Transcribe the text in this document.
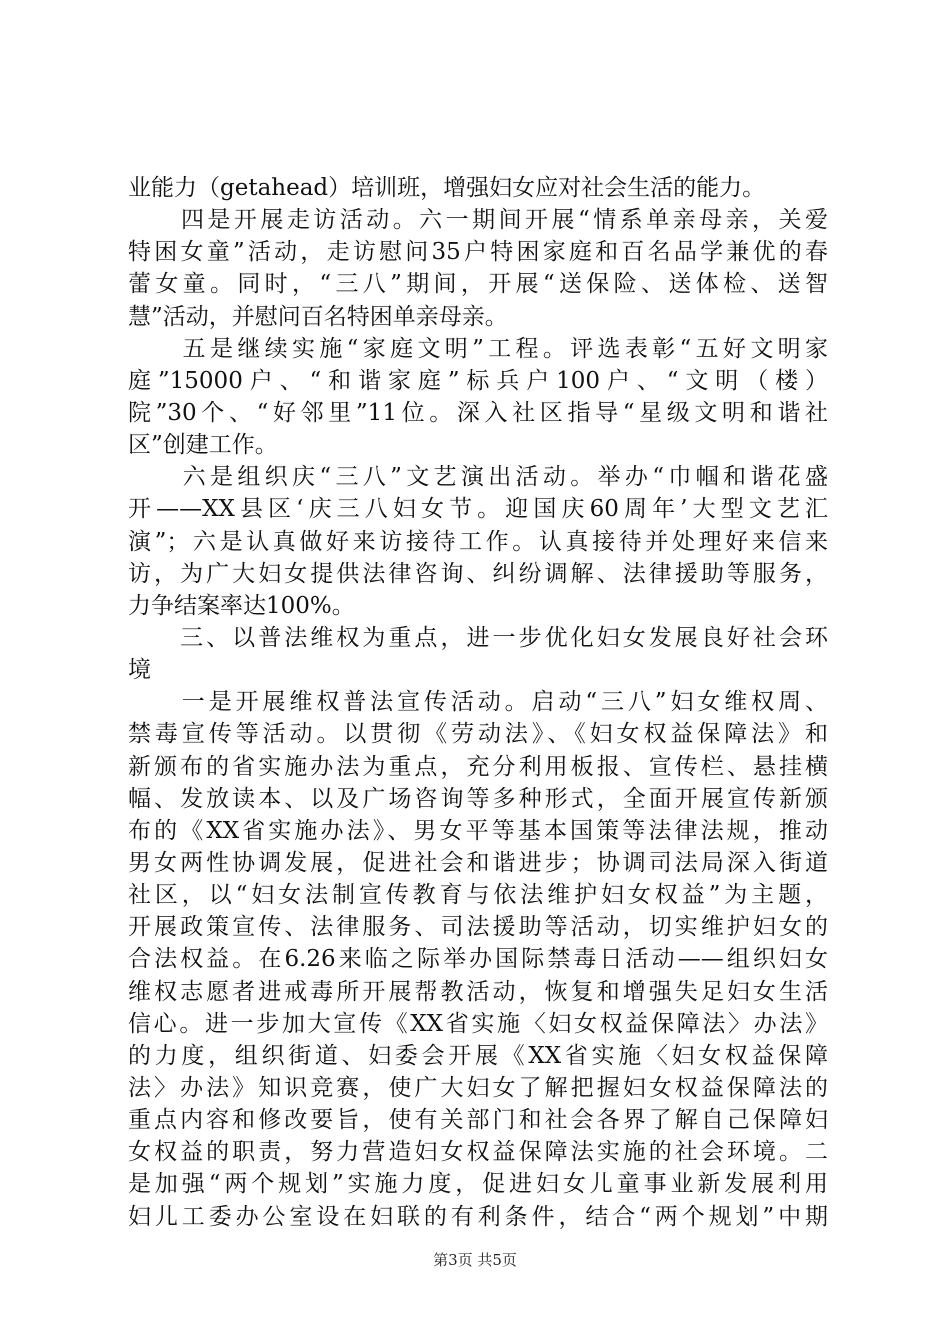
业能力（getahead）培训班，增强妇女应对社会生活的能力。
　　四是开展走访活动。六一期间开展“情系单亲母亲，关爱
特困女童”活动，走访慰问35户特困家庭和百名品学兼优的春
蕾女童。同时，“三八”期间，开展“送保险、送体检、送智
慧”活动，并慰问百名特困单亲母亲。
　　五是继续实施“家庭文明”工程。评选表彰“五好文明家
庭”15000户、“和谐家庭”标兵户100户、“文明（楼）
院”30个、“好邻里”11位。深入社区指导“星级文明和谐社
区”创建工作。
　　六是组织庆“三八”文艺演出活动。举办“巾帼和谐花盛
开——XX县区‘庆三八妇女节。迎国庆60周年’大型文艺汇
演”；六是认真做好来访接待工作。认真接待并处理好来信来
访，为广大妇女提供法律咨询、纠纷调解、法律援助等服务，
力争结案率达100%。
　　三、以普法维权为重点，进一步优化妇女发展良好社会环
境
　　一是开展维权普法宣传活动。启动“三八”妇女维权周、
禁毒宣传等活动。以贯彻《劳动法》、《妇女权益保障法》和
新颁布的省实施办法为重点，充分利用板报、宣传栏、悬挂横
幅、发放读本、以及广场咨询等多种形式，全面开展宣传新颁
布的《XX省实施办法》、男女平等基本国策等法律法规，推动
男女两性协调发展，促进社会和谐进步；协调司法局深入街道
社区，以“妇女法制宣传教育与依法维护妇女权益”为主题，
开展政策宣传、法律服务、司法援助等活动，切实维护妇女的
合法权益。在6.26来临之际举办国际禁毒日活动——组织妇女
维权志愿者进戒毒所开展帮教活动，恢复和增强失足妇女生活
信心。进一步加大宣传《XX省实施〈妇女权益保障法〉办法》
的力度，组织街道、妇委会开展《XX省实施〈妇女权益保障
法〉办法》知识竞赛，使广大妇女了解把握妇女权益保障法的
重点内容和修改要旨，使有关部门和社会各界了解自己保障妇
女权益的职责，努力营造妇女权益保障法实施的社会环境。二
是加强“两个规划”实施力度，促进妇女儿童事业新发展利用
妇儿工委办公室设在妇联的有利条件，结合“两个规划”中期
第3页 共5页
